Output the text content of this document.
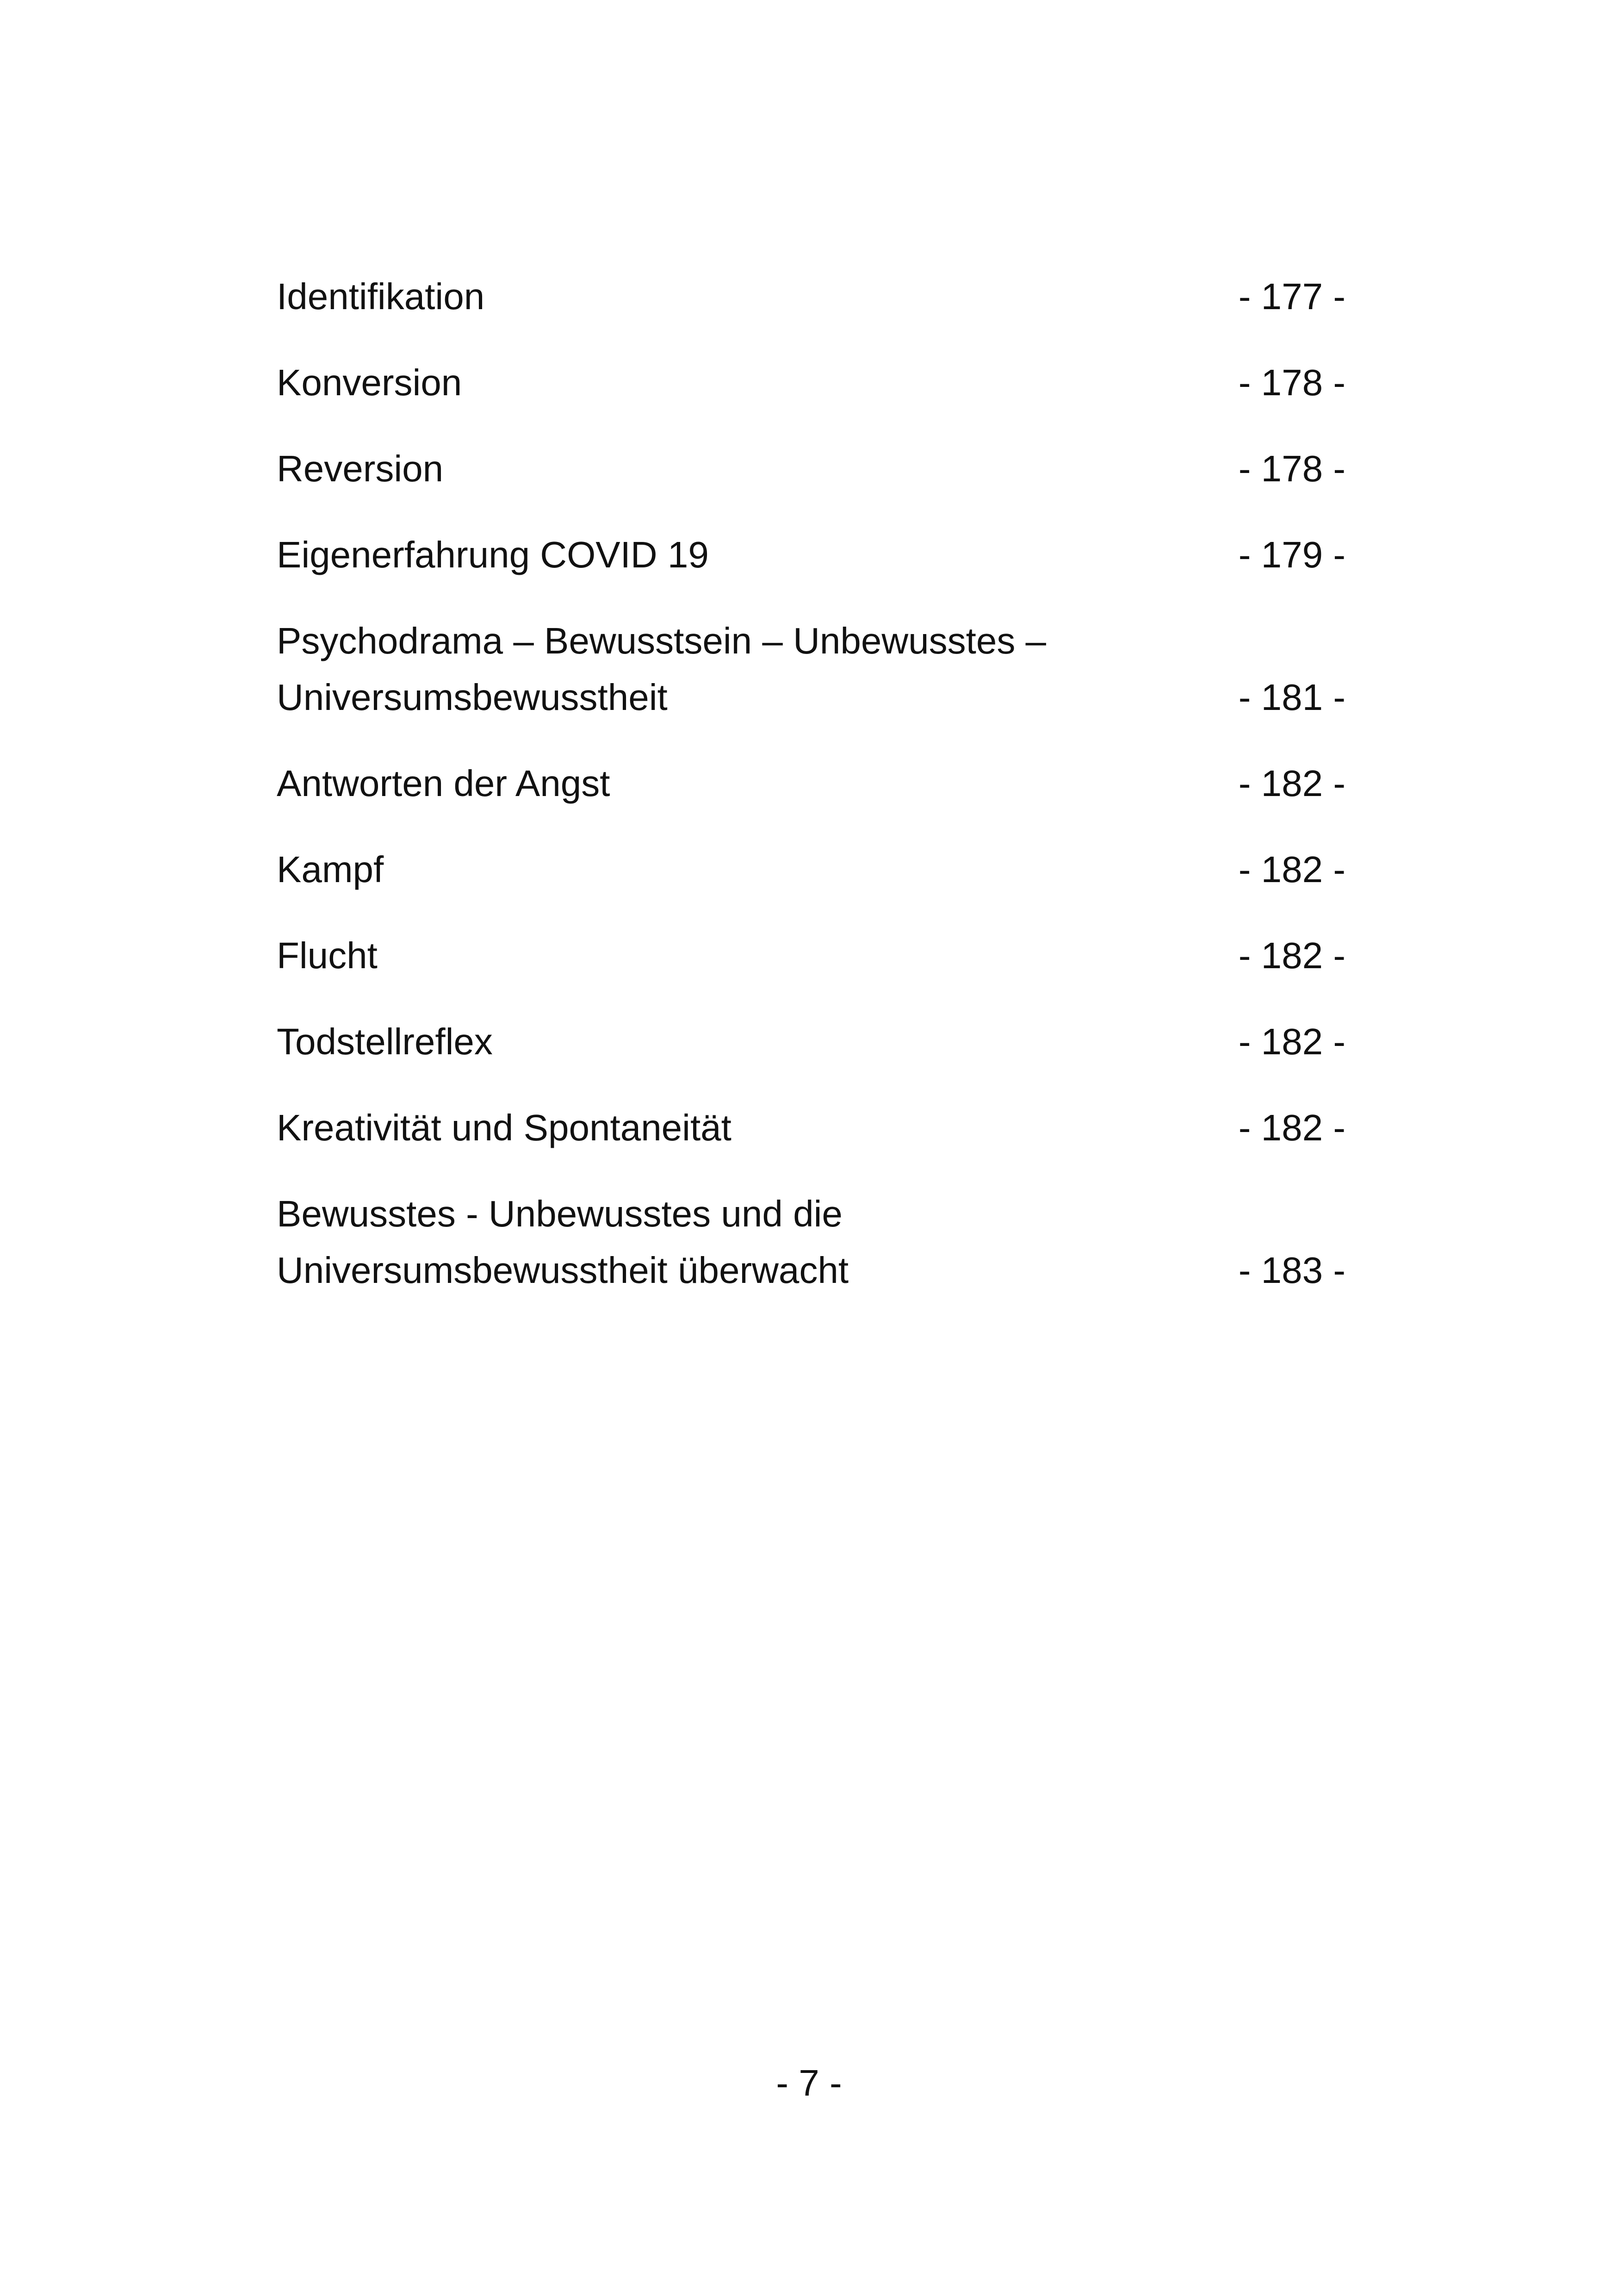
Identifikation	- 177 -
Konversion	- 178 -
Reversion	- 178 -
Eigenerfahrung COVID 19	- 179 -
Psychodrama – Bewusstsein – Unbewusstes –
Universumsbewusstheit	- 181 -
Antworten der Angst	- 182 -
Kampf	- 182 -
Flucht	- 182 -
Todstellreflex	- 182 -
Kreativität und Spontaneität	- 182 -
Bewusstes - Unbewusstes und die
Universumsbewusstheit überwacht	- 183 -
- 7 -
